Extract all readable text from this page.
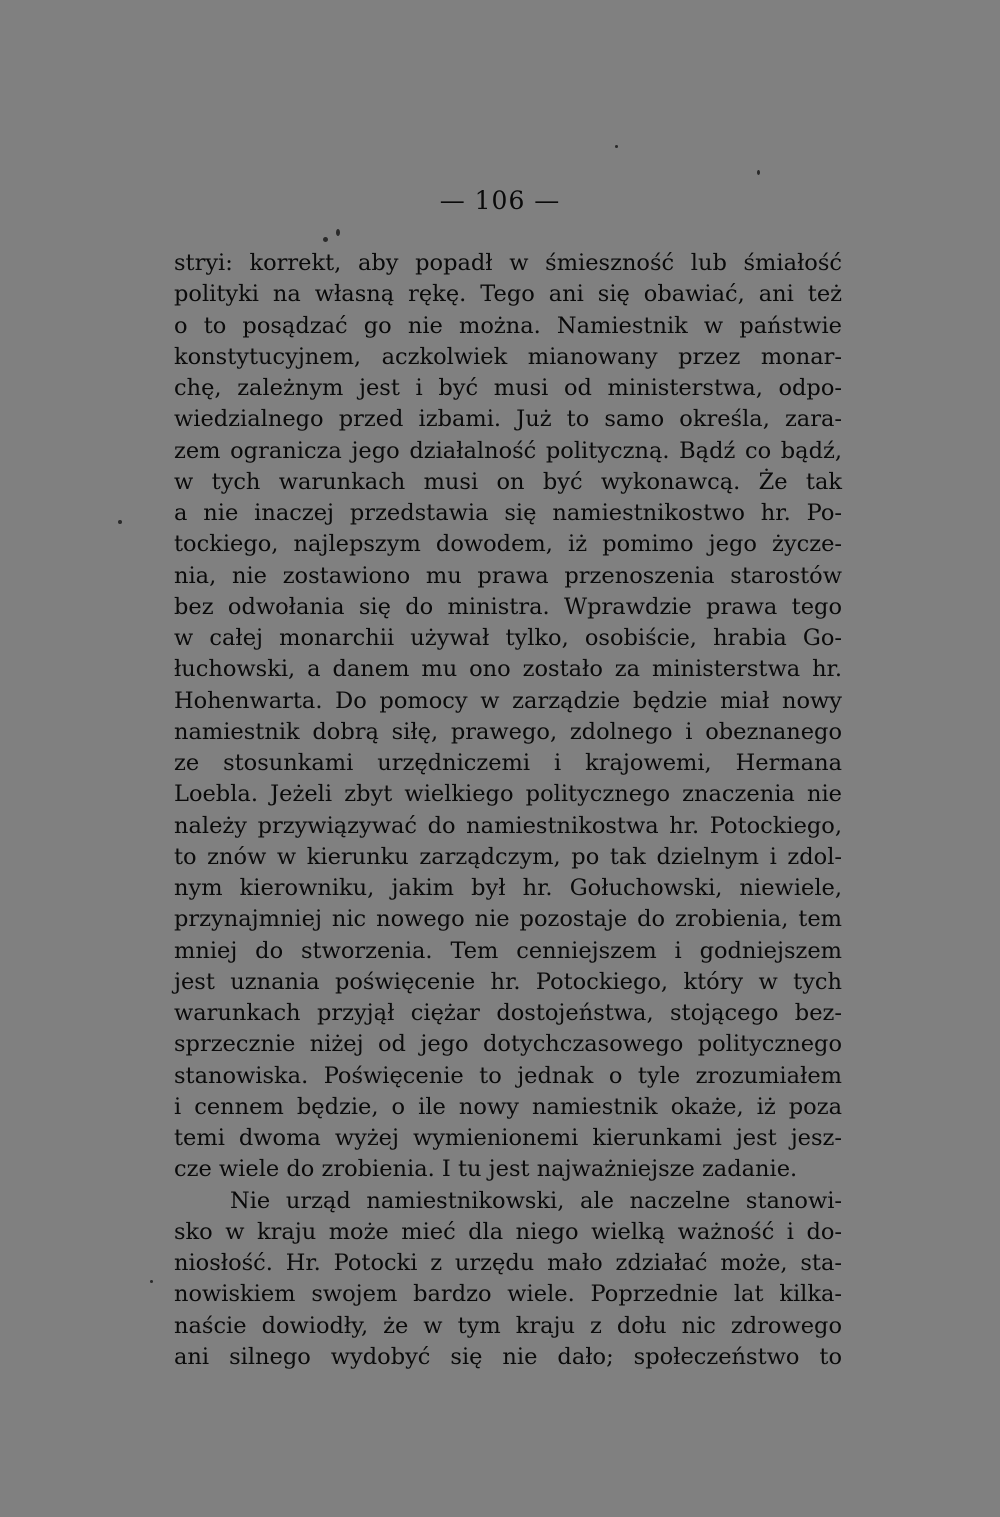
— 106 —
stryi: korrekt, aby popadł w śmieszność lub śmiałość
polityki na własną rękę. Tego ani się obawiać, ani też
o to posądzać go nie można. Namiestnik w państwie
konstytucyjnem, aczkolwiek mianowany przez monar-
chę, zależnym jest i być musi od ministerstwa, odpo-
wiedzialnego przed izbami. Już to samo określa, zara-
zem ogranicza jego działalność polityczną. Bądź co bądź,
w tych warunkach musi on być wykonawcą. Że tak
a nie inaczej przedstawia się namiestnikostwo hr. Po-
tockiego, najlepszym dowodem, iż pomimo jego życze-
nia, nie zostawiono mu prawa przenoszenia starostów
bez odwołania się do ministra. Wprawdzie prawa tego
w całej monarchii używał tylko, osobiście, hrabia Go-
łuchowski, a danem mu ono zostało za ministerstwa hr.
Hohenwarta. Do pomocy w zarządzie będzie miał nowy
namiestnik dobrą siłę, prawego, zdolnego i obeznanego
ze stosunkami urzędniczemi i krajowemi, Hermana
Loebla. Jeżeli zbyt wielkiego politycznego znaczenia nie
należy przywiązywać do namiestnikostwa hr. Potockiego,
to znów w kierunku zarządczym, po tak dzielnym i zdol-
nym kierowniku, jakim był hr. Gołuchowski, niewiele,
przynajmniej nic nowego nie pozostaje do zrobienia, tem
mniej do stworzenia. Tem cenniejszem i godniejszem
jest uznania poświęcenie hr. Potockiego, który w tych
warunkach przyjął ciężar dostojeństwa, stojącego bez-
sprzecznie niżej od jego dotychczasowego politycznego
stanowiska. Poświęcenie to jednak o tyle zrozumiałem
i cennem będzie, o ile nowy namiestnik okaże, iż poza
temi dwoma wyżej wymienionemi kierunkami jest jesz-
cze wiele do zrobienia. I tu jest najważniejsze zadanie.
Nie urząd namiestnikowski, ale naczelne stanowi-
sko w kraju może mieć dla niego wielką ważność i do-
niosłość. Hr. Potocki z urzędu mało zdziałać może, sta-
nowiskiem swojem bardzo wiele. Poprzednie lat kilka-
naście dowiodły, że w tym kraju z dołu nic zdrowego
ani silnego wydobyć się nie dało; społeczeństwo to
